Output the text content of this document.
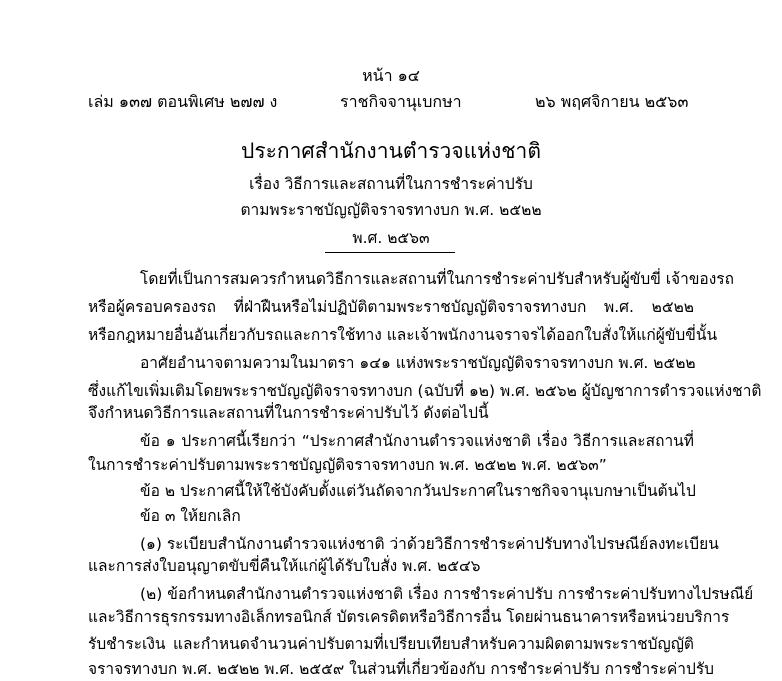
หน้า ๑๔
เล่ม ๑๓๗ ตอนพิเศษ ๒๗๗ ง	ราชกิจจานุเบกษา	๒๖ พฤศจิกายน ๒๕๖๓
ประกาศสำนักงานตำรวจแห่งชาติ
เรื่อง วิธีการและสถานที่ในการชำระค่าปรับ
ตามพระราชบัญญัติจราจรทางบก พ.ศ. ๒๕๒๒
พ.ศ. ๒๕๖๓
โดยที่เป็นการสมควรกำหนดวิธีการและสถานที่ในการชำระค่าปรับสำหรับผู้ขับขี่ เจ้าของรถ
หรือผู้ครอบครองรถ ที่ฝ่าฝืนหรือไม่ปฏิบัติตามพระราชบัญญัติจราจรทางบก พ.ศ. ๒๕๒๒
หรือกฎหมายอื่นอันเกี่ยวกับรถและการใช้ทาง และเจ้าพนักงานจราจรได้ออกใบสั่งให้แก่ผู้ขับขี่นั้น
อาศัยอำนาจตามความในมาตรา ๑๔๑ แห่งพระราชบัญญัติจราจรทางบก พ.ศ. ๒๕๒๒
ซึ่งแก้ไขเพิ่มเติมโดยพระราชบัญญัติจราจรทางบก (ฉบับที่ ๑๒) พ.ศ. ๒๕๖๒ ผู้บัญชาการตำรวจแห่งชาติ
จึงกำหนดวิธีการและสถานที่ในการชำระค่าปรับไว้ ดังต่อไปนี้
ข้อ ๑ ประกาศนี้เรียกว่า “ประกาศสำนักงานตำรวจแห่งชาติ เรื่อง วิธีการและสถานที่
ในการชำระค่าปรับตามพระราชบัญญัติจราจรทางบก พ.ศ. ๒๕๒๒ พ.ศ. ๒๕๖๓”
ข้อ ๒ ประกาศนี้ให้ใช้บังคับตั้งแต่วันถัดจากวันประกาศในราชกิจจานุเบกษาเป็นต้นไป
ข้อ ๓ ให้ยกเลิก
(๑) ระเบียบสำนักงานตำรวจแห่งชาติ ว่าด้วยวิธีการชำระค่าปรับทางไปรษณีย์ลงทะเบียน
และการส่งใบอนุญาตขับขี่คืนให้แก่ผู้ได้รับใบสั่ง พ.ศ. ๒๕๔๖
(๒) ข้อกำหนดสำนักงานตำรวจแห่งชาติ เรื่อง การชำระค่าปรับ การชำระค่าปรับทางไปรษณีย์
และวิธีการธุรกรรมทางอิเล็กทรอนิกส์ บัตรเครดิตหรือวิธีการอื่น โดยผ่านธนาคารหรือหน่วยบริการ
รับชำระเงิน และกำหนดจำนวนค่าปรับตามที่เปรียบเทียบสำหรับความผิดตามพระราชบัญญัติ
จราจรทางบก พ.ศ. ๒๕๒๒ พ.ศ. ๒๕๕๙ ในส่วนที่เกี่ยวข้องกับ การชำระค่าปรับ การชำระค่าปรับ
